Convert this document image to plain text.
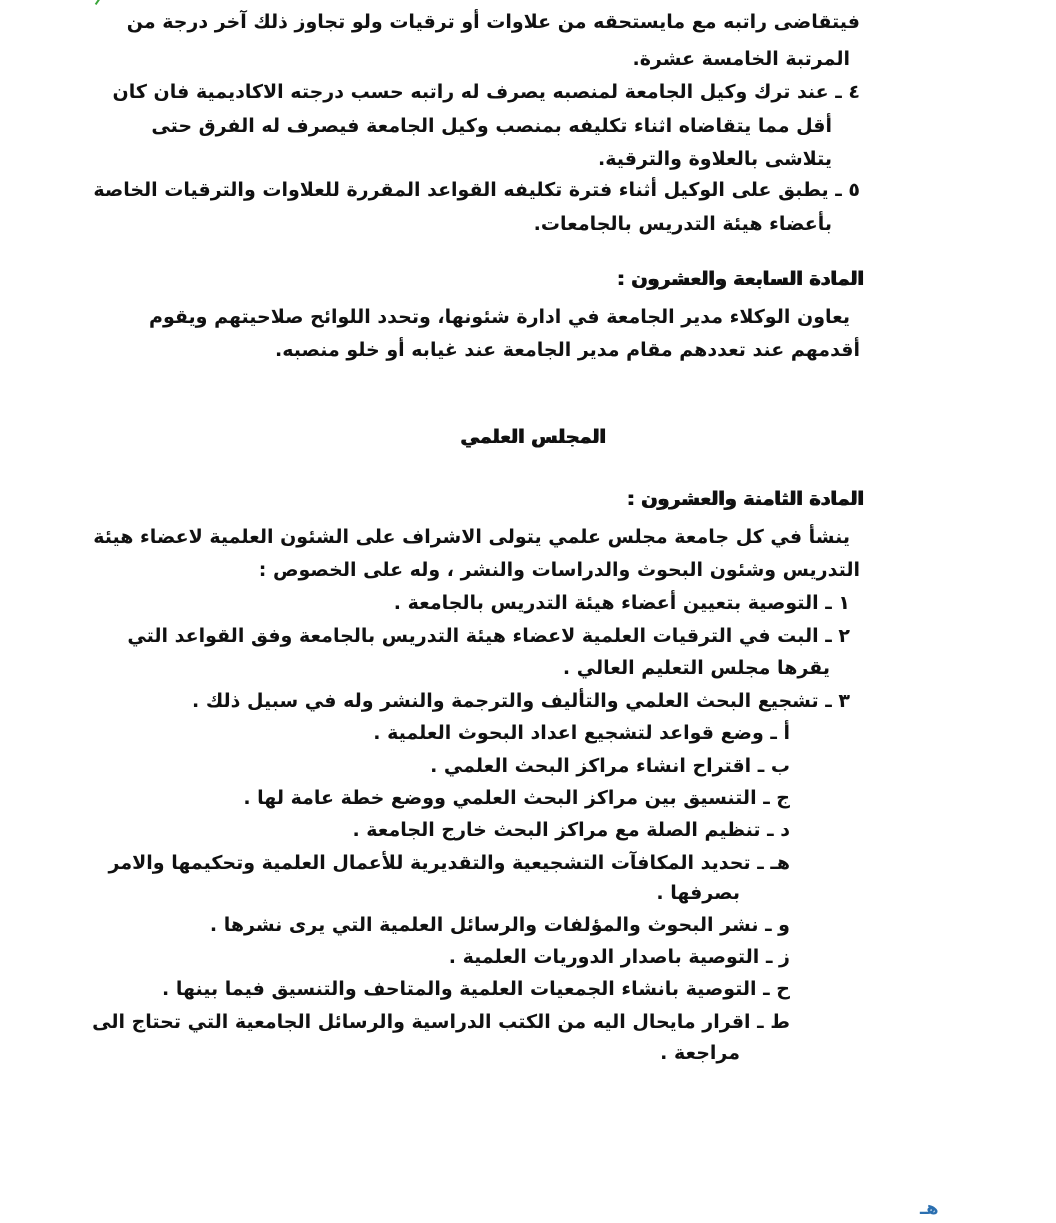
فيتقاضى راتبه مع مايستحقه من علاوات أو ترقيات ولو تجاوز ذلك آخر درجة من
المرتبة الخامسة عشرة.
٤ ـ عند ترك وكيل الجامعة لمنصبه يصرف له راتبه حسب درجته الاكاديمية فان كان
أقل مما يتقاضاه اثناء تكليفه بمنصب وكيل الجامعة فيصرف له الفرق حتى
يتلاشى بالعلاوة والترقية.
٥ ـ يطبق على الوكيل أثناء فترة تكليفه القواعد المقررة للعلاوات والترقيات الخاصة
بأعضاء هيئة التدريس بالجامعات.
المادة السابعة والعشرون :
يعاون الوكلاء مدير الجامعة في ادارة شئونها، وتحدد اللوائح صلاحيتهم ويقوم
أقدمهم عند تعددهم مقام مدير الجامعة عند غيابه أو خلو منصبه.
المجلس العلمي
المادة الثامنة والعشرون :
ينشأ في كل جامعة مجلس علمي يتولى الاشراف على الشئون العلمية لاعضاء هيئة
التدريس وشئون البحوث والدراسات والنشر ، وله على الخصوص :
١ ـ التوصية بتعيين أعضاء هيئة التدريس بالجامعة .
٢ ـ البت في الترقيات العلمية لاعضاء هيئة التدريس بالجامعة وفق القواعد التي
يقرها مجلس التعليم العالي .
٣ ـ تشجيع البحث العلمي والتأليف والترجمة والنشر وله في سبيل ذلك .
أ ـ وضع قواعد لتشجيع اعداد البحوث العلمية .
ب ـ اقتراح انشاء مراكز البحث العلمي .
ج ـ التنسيق بين مراكز البحث العلمي ووضع خطة عامة لها .
د ـ تنظيم الصلة مع مراكز البحث خارج الجامعة .
هـ ـ تحديد المكافآت التشجيعية والتقديرية للأعمال العلمية وتحكيمها والامر
بصرفها .
و ـ نشر البحوث والمؤلفات والرسائل العلمية التي يرى نشرها .
ز ـ التوصية باصدار الدوريات العلمية .
ح ـ التوصية بانشاء الجمعيات العلمية والمتاحف والتنسيق فيما بينها .
ط ـ اقرار مايحال اليه من الكتب الدراسية والرسائل الجامعية التي تحتاج الى
مراجعة .
هـ
